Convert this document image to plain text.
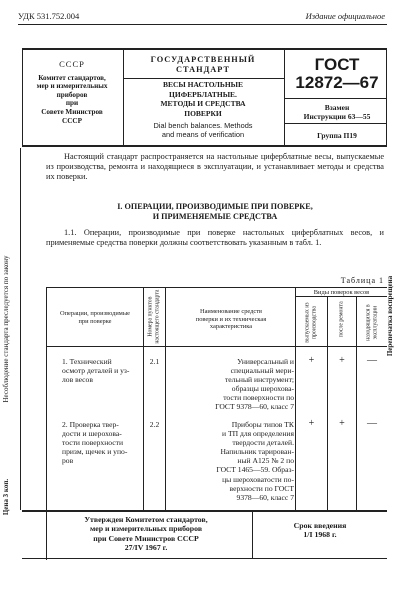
УДК 531.752.004	Издание официальное
СССР
Комитет стандартов,
мер и измерительных
приборов
при
Совете Министров
СССР
ГОСУДАРСТВЕННЫЙ
СТАНДАРТ
ВЕСЫ НАСТОЛЬНЫЕ
ЦИФЕРБЛАТНЫЕ.
МЕТОДЫ И СРЕДСТВА
ПОВЕРКИ
Dial bench balances. Methods
and means of verification
ГОСТ
12872—67
Взамен
Инструкции 63—55
Группа П19
Настоящий стандарт распространяется на настольные циферблатные весы, выпускаемые из производства, ремонта и находящиеся в эксплуатации, и устанавливает методы и средства их поверки.
I. ОПЕРАЦИИ, ПРОИЗВОДИМЫЕ ПРИ ПОВЕРКЕ,
И ПРИМЕНЯЕМЫЕ СРЕДСТВА
1.1. Операции, производимые при поверке настольных циферблатных весов, и применяемые средства поверки должны соответствовать указанным в табл. 1.
Таблица 1
Операции, производимые
при поверке	Номера пунктов настоящего стандарта	Наименование средств
поверки и их техническая
характеристика
Виды поверок весов
выпускаемых из производства	после ремонта	находящихся в эксплуатации
1. Технический
осмотр деталей и уз-
лов весов
2.1	Универсальный и
специальный мери-
тельный инструмент;
образцы шерохова-
тости поверхности по
ГОСТ 9378—60, класс 7
+	+	—
2. Проверка твер-
дости и шерохова-
тости поверхности
призм, щечек и упо-
ров
2.2	Приборы типов ТК
и ТП для определения
твердости деталей.
Напильник тарирован-
ный А125 № 2 по
ГОСТ 1465—59. Образ-
цы шероховатости по-
верхности по ГОСТ
9378—60, класс 7
+	+	—
Утвержден Комитетом стандартов,
мер и измерительных приборов
при Совете Министров СССР
27/IV 1967 г.
Срок введения
1/I 1968 г.
Несоблюдение стандарта преследуется по закону
Цена 3 коп.
Перепечатка воспрещена
